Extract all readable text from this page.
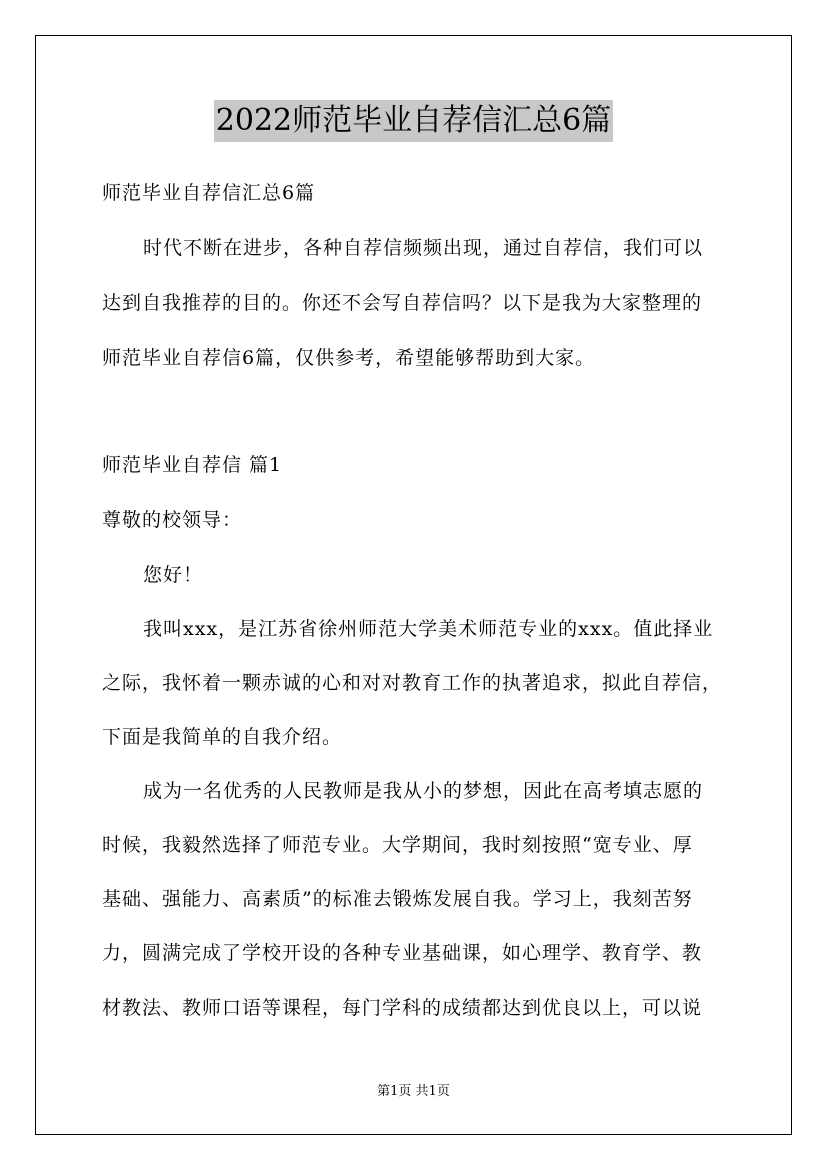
2022师范毕业自荐信汇总6篇
师范毕业自荐信汇总6篇
时代不断在进步，各种自荐信频频出现，通过自荐信，我们可以
达到自我推荐的目的。你还不会写自荐信吗？以下是我为大家整理的
师范毕业自荐信6篇，仅供参考，希望能够帮助到大家。
师范毕业自荐信 篇1
尊敬的校领导：
您好！
我叫xxx，是江苏省徐州师范大学美术师范专业的xxx。值此择业
之际，我怀着一颗赤诚的心和对对教育工作的执著追求，拟此自荐信，
下面是我简单的自我介绍。
成为一名优秀的人民教师是我从小的梦想，因此在高考填志愿的
时候，我毅然选择了师范专业。大学期间，我时刻按照“宽专业、厚
基础、强能力、高素质”的标准去锻炼发展自我。学习上，我刻苦努
力，圆满完成了学校开设的各种专业基础课，如心理学、教育学、教
材教法、教师口语等课程，每门学科的成绩都达到优良以上，可以说
第1页 共1页
